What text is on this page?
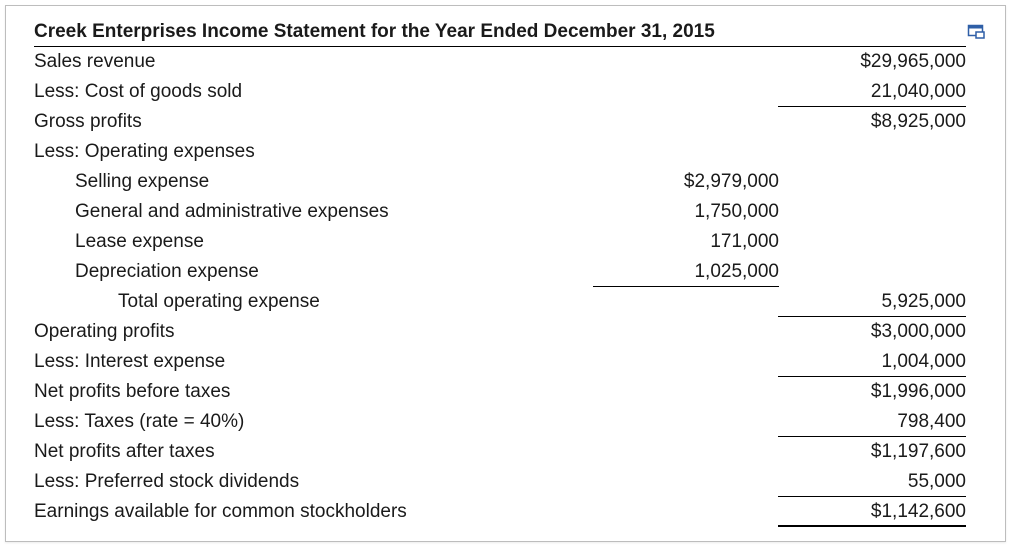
Creek Enterprises Income Statement for the Year Ended December 31, 2015
Sales revenue	$29,965,000
Less: Cost of goods sold	21,040,000
Gross profits	$8,925,000
Less: Operating expenses
Selling expense	$2,979,000
General and administrative expenses	1,750,000
Lease expense	171,000
Depreciation expense	1,025,000
Total operating expense	5,925,000
Operating profits	$3,000,000
Less: Interest expense	1,004,000
Net profits before taxes	$1,996,000
Less: Taxes (rate = 40%)	798,400
Net profits after taxes	$1,197,600
Less: Preferred stock dividends	55,000
Earnings available for common stockholders	$1,142,600
